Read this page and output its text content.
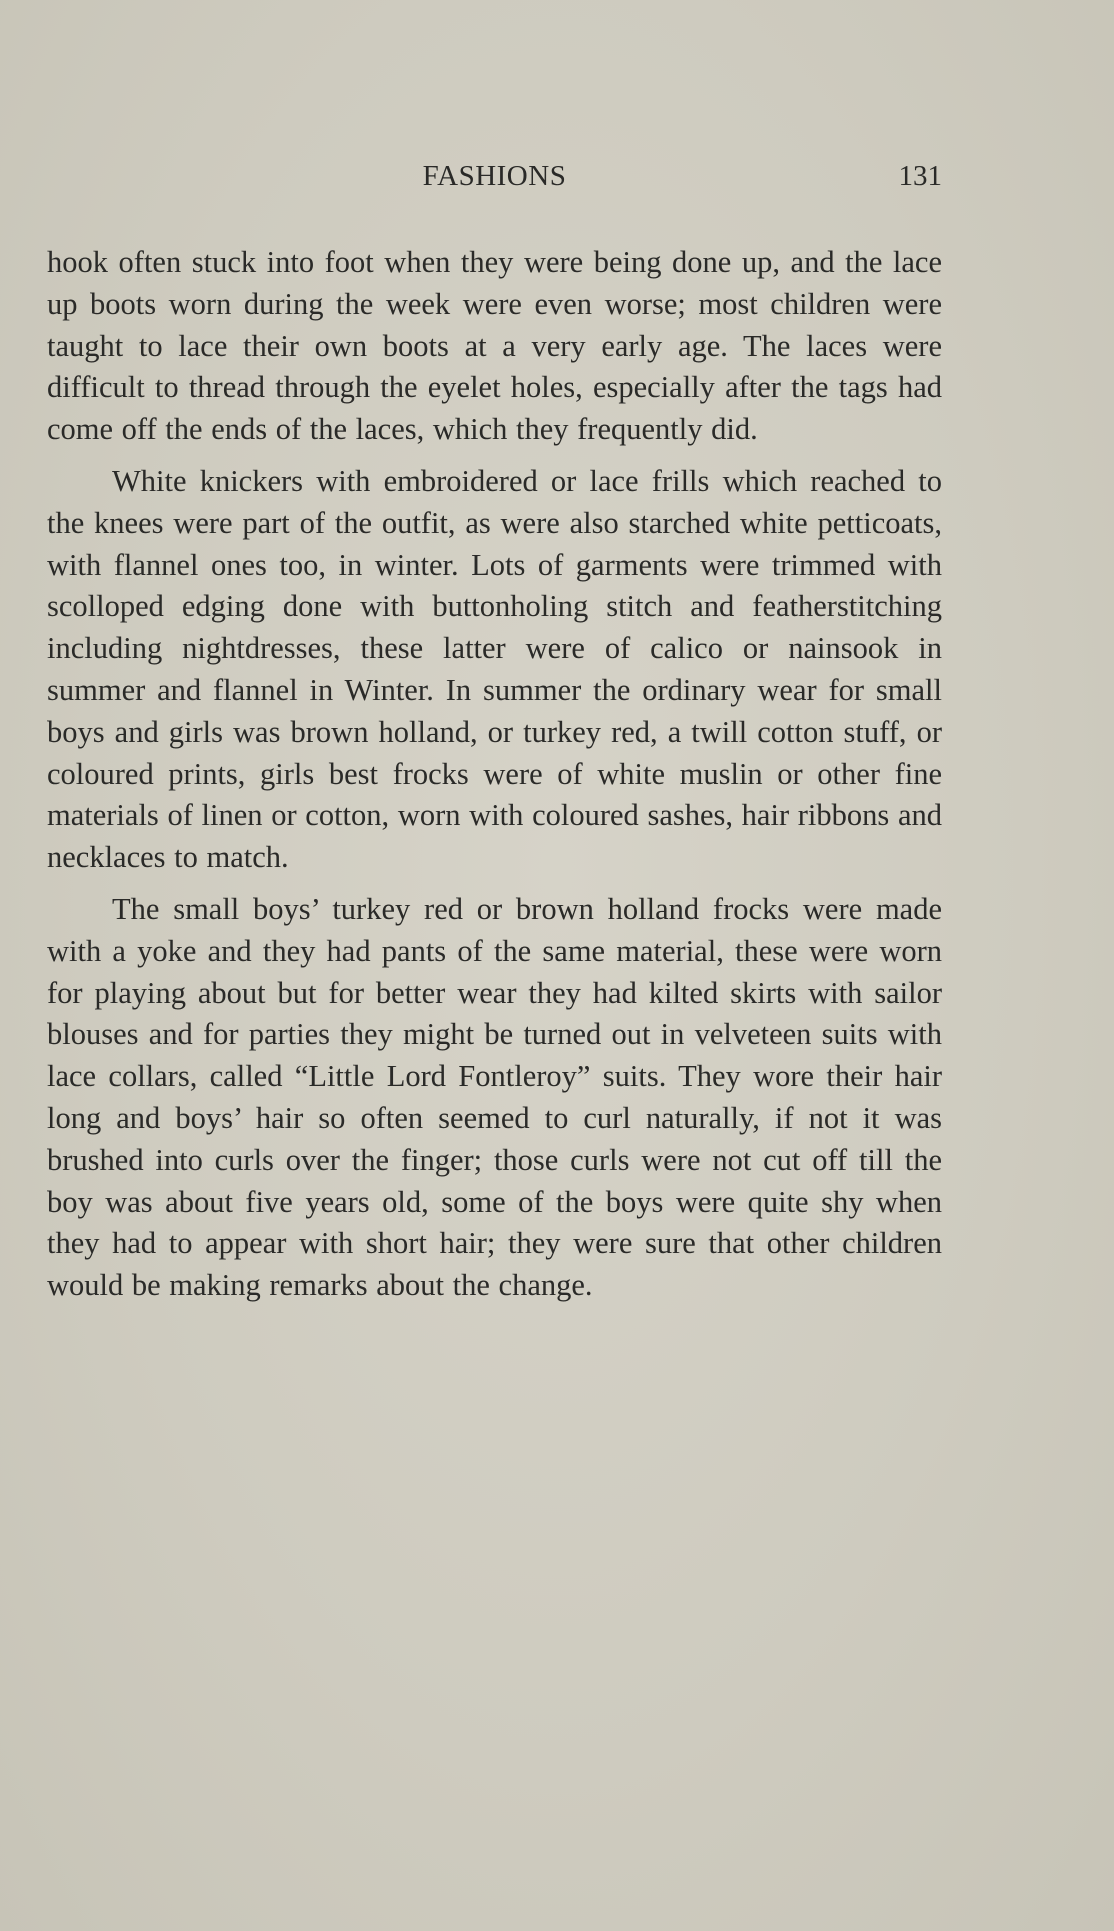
FASHIONS	131

hook often stuck into foot when they were being done up, and the lace up boots worn during the week were even worse; most children were taught to lace their own boots at a very early age. The laces were difficult to thread through the eyelet holes, especially after the tags had come off the ends of the laces, which they frequently did.

White knickers with embroidered or lace frills which reached to the knees were part of the outfit, as were also starched white petticoats, with flannel ones too, in winter. Lots of garments were trimmed with scolloped edging done with buttonholing stitch and featherstitching including nightdresses, these latter were of calico or nainsook in summer and flannel in Winter. In summer the ordinary wear for small boys and girls was brown holland, or turkey red, a twill cotton stuff, or coloured prints, girls best frocks were of white muslin or other fine materials of linen or cotton, worn with coloured sashes, hair ribbons and necklaces to match.

The small boys’ turkey red or brown holland frocks were made with a yoke and they had pants of the same material, these were worn for playing about but for better wear they had kilted skirts with sailor blouses and for parties they might be turned out in velveteen suits with lace collars, called “Little Lord Fontleroy” suits. They wore their hair long and boys’ hair so often seemed to curl naturally, if not it was brushed into curls over the finger; those curls were not cut off till the boy was about five years old, some of the boys were quite shy when they had to appear with short hair; they were sure that other children would be making remarks about the change.
